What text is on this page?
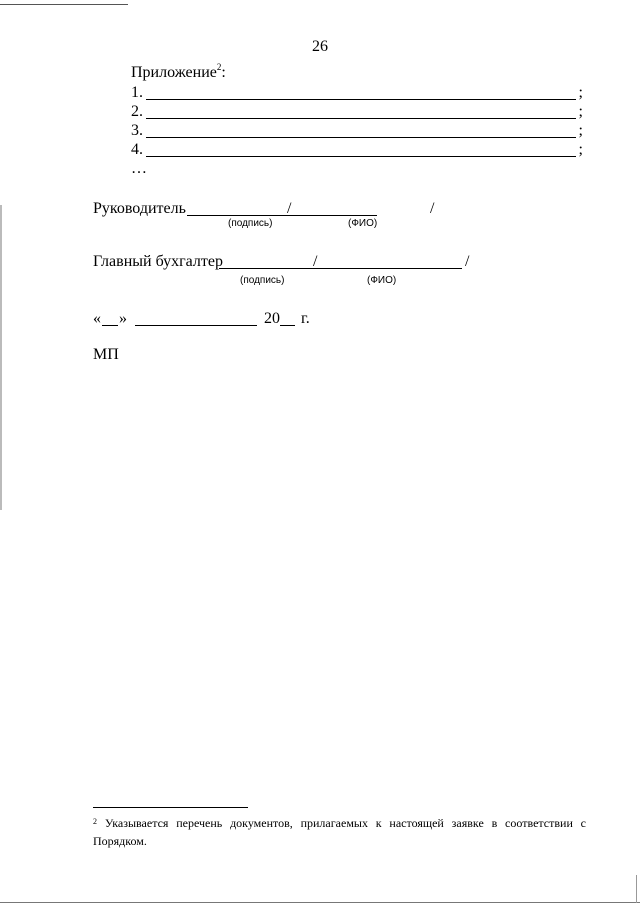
26
Приложение$^2$:
1.	;
2.	;
3.	;
4.	;
…
Руководитель	/	/
(подпись)	(ФИО)
Главный бухгалтер	/	/
(подпись)	(ФИО)
« »	20 г.
МП
$^2$ Указывается перечень документов, прилагаемых к настоящей заявке в соответствии с Порядком.
